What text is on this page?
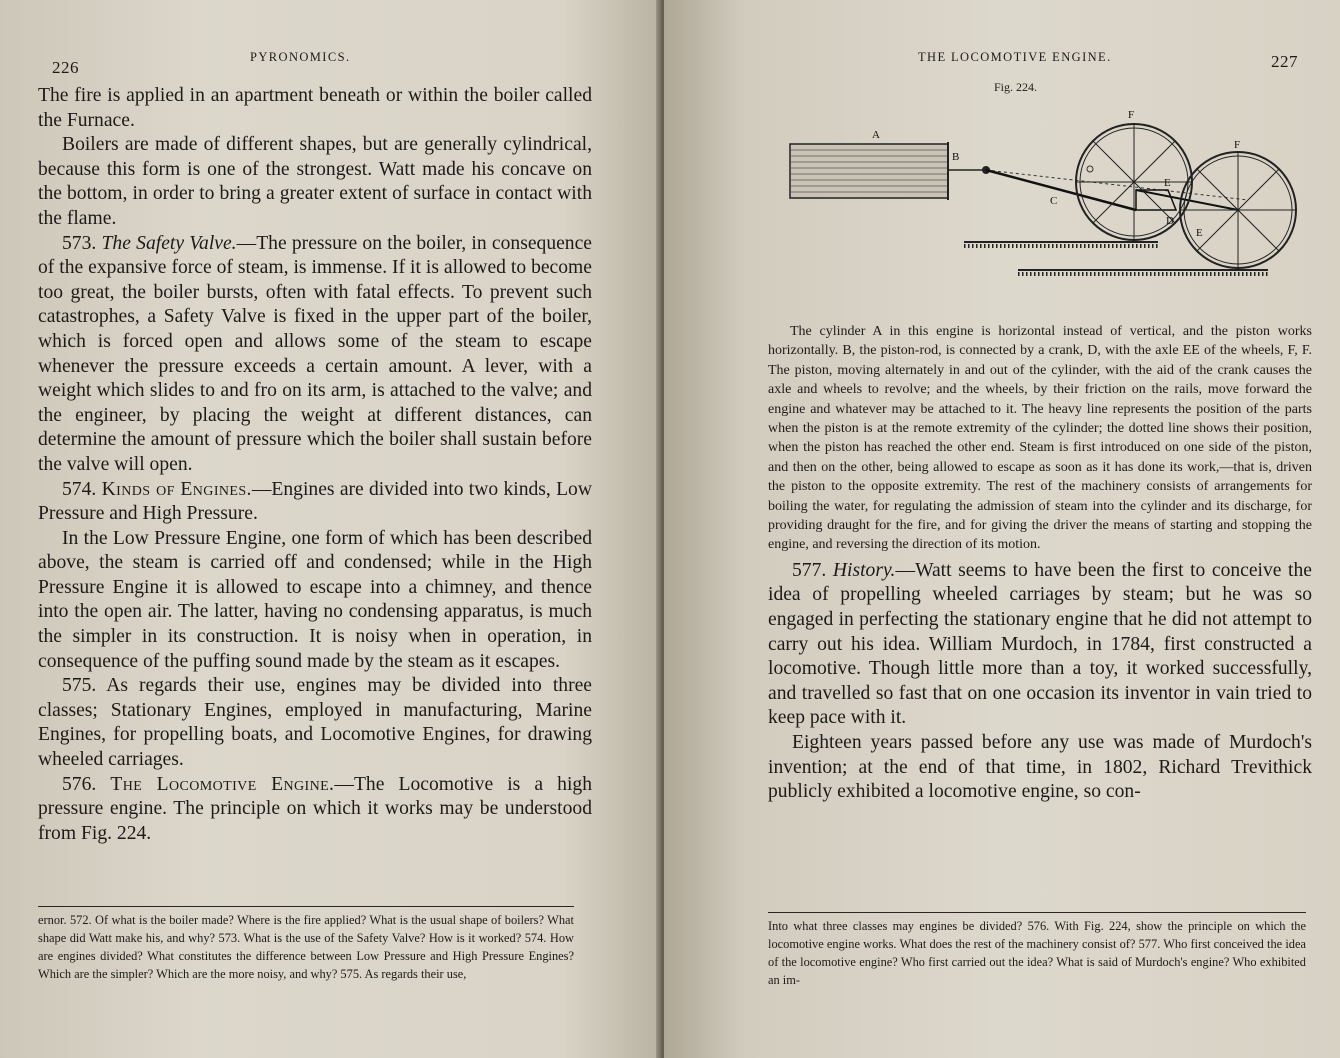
226
PYRONOMICS.

The fire is applied in an apartment beneath or within the boiler called the Furnace.

Boilers are made of different shapes, but are generally cylindrical, because this form is one of the strongest. Watt made his concave on the bottom, in order to bring a greater extent of surface in contact with the flame.

573. The Safety Valve.—The pressure on the boiler, in consequence of the expansive force of steam, is immense. If it is allowed to become too great, the boiler bursts, often with fatal effects. To prevent such catastrophes, a Safety Valve is fixed in the upper part of the boiler, which is forced open and allows some of the steam to escape whenever the pressure exceeds a certain amount. A lever, with a weight which slides to and fro on its arm, is attached to the valve; and the engineer, by placing the weight at different distances, can determine the amount of pressure which the boiler shall sustain before the valve will open.

574. Kinds of Engines.—Engines are divided into two kinds, Low Pressure and High Pressure.

In the Low Pressure Engine, one form of which has been described above, the steam is carried off and condensed; while in the High Pressure Engine it is allowed to escape into a chimney, and thence into the open air. The latter, having no condensing apparatus, is much the simpler in its construction. It is noisy when in operation, in consequence of the puffing sound made by the steam as it escapes.

575. As regards their use, engines may be divided into three classes; Stationary Engines, employed in manufacturing, Marine Engines, for propelling boats, and Locomotive Engines, for drawing wheeled carriages.

576. The Locomotive Engine.—The Locomotive is a high pressure engine. The principle on which it works may be understood from Fig. 224.

ernor. 572. Of what is the boiler made? Where is the fire applied? What is the usual shape of boilers? What shape did Watt make his, and why? 573. What is the use of the Safety Valve? How is it worked? 574. How are engines divided? What constitutes the difference between Low Pressure and High Pressure Engines? Which are the simpler? Which are the more noisy, and why? 575. As regards their use,
THE LOCOMOTIVE ENGINE.	227
Fig. 224.
A
B
C
D
E
E
F
F

The cylinder A in this engine is horizontal instead of vertical, and the piston works horizontally. B, the piston-rod, is connected by a crank, D, with the axle EE of the wheels, F, F. The piston, moving alternately in and out of the cylinder, with the aid of the crank causes the axle and wheels to revolve; and the wheels, by their friction on the rails, move forward the engine and whatever may be attached to it. The heavy line represents the position of the parts when the piston is at the remote extremity of the cylinder; the dotted line shows their position, when the piston has reached the other end. Steam is first introduced on one side of the piston, and then on the other, being allowed to escape as soon as it has done its work,—that is, driven the piston to the opposite extremity. The rest of the machinery consists of arrangements for boiling the water, for regulating the admission of steam into the cylinder and its discharge, for providing draught for the fire, and for giving the driver the means of starting and stopping the engine, and reversing the direction of its motion.

577. History.—Watt seems to have been the first to conceive the idea of propelling wheeled carriages by steam; but he was so engaged in perfecting the stationary engine that he did not attempt to carry out his idea. William Murdoch, in 1784, first constructed a locomotive. Though little more than a toy, it worked successfully, and travelled so fast that on one occasion its inventor in vain tried to keep pace with it.

Eighteen years passed before any use was made of Murdoch's invention; at the end of that time, in 1802, Richard Trevithick publicly exhibited a locomotive engine, so con-

Into what three classes may engines be divided? 576. With Fig. 224, show the principle on which the locomotive engine works. What does the rest of the machinery consist of? 577. Who first conceived the idea of the locomotive engine? Who first carried out the idea? What is said of Murdoch's engine? Who exhibited an im-
